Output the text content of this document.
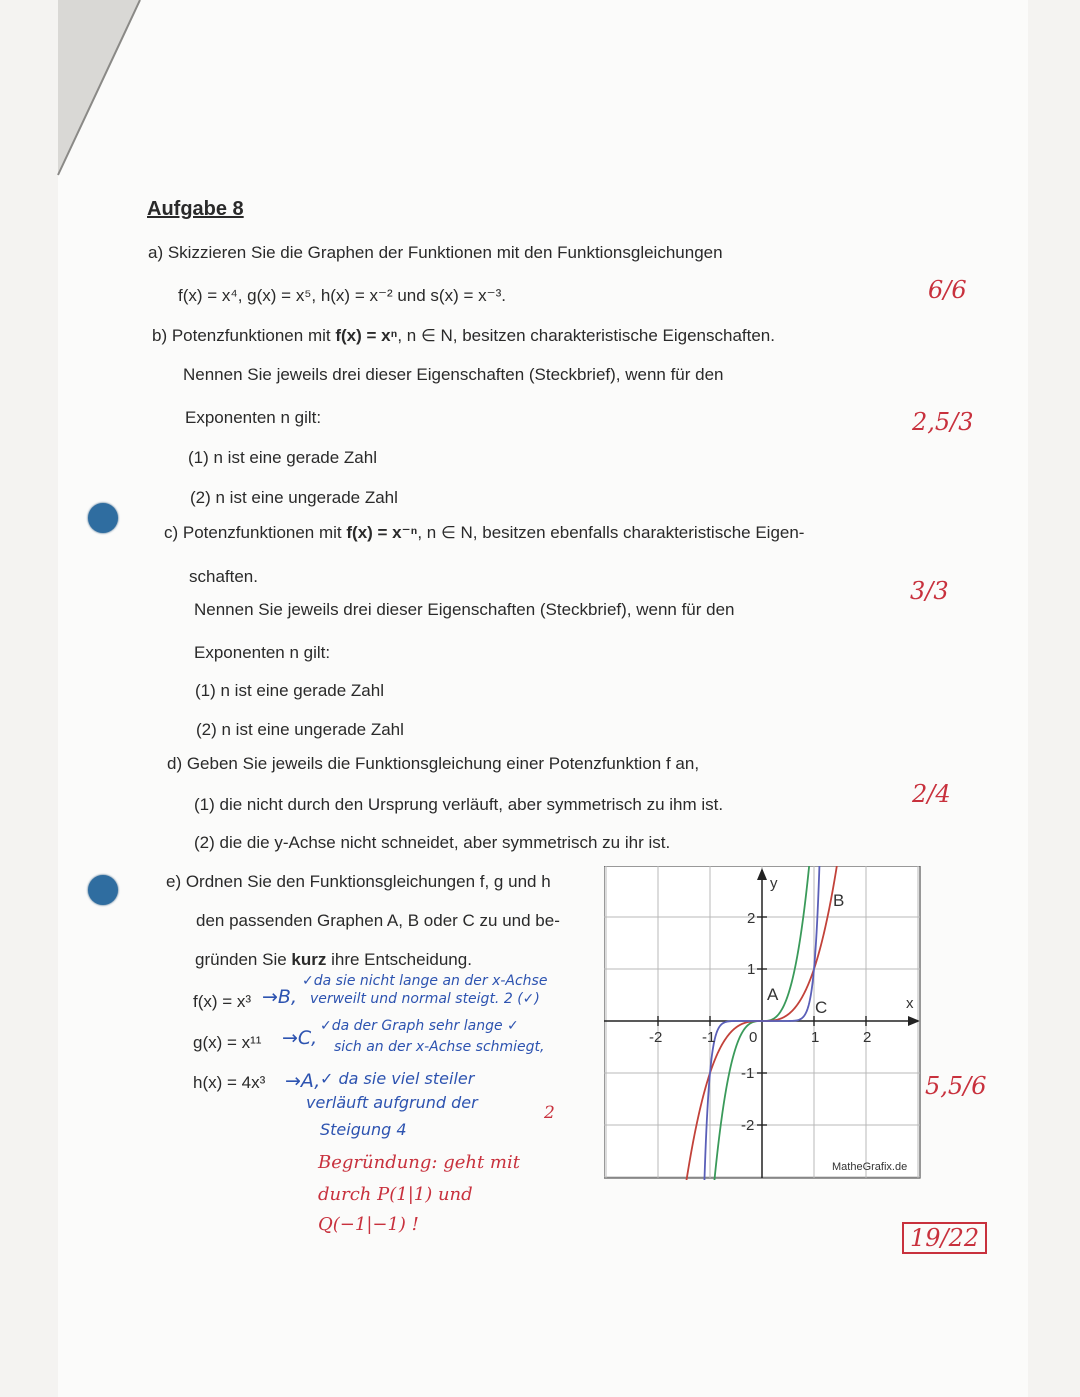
Aufgabe 8
a) Skizzieren Sie die Graphen der Funktionen mit den Funktionsgleichungen
f(x) = x⁴, g(x) = x⁵, h(x) = x⁻² und s(x) = x⁻³.
b) Potenzfunktionen mit f(x) = xⁿ, n ∈ N, besitzen charakteristische Eigenschaften.
Nennen Sie jeweils drei dieser Eigenschaften (Steckbrief), wenn für den
Exponenten n gilt:
(1) n ist eine gerade Zahl
(2) n ist eine ungerade Zahl
c) Potenzfunktionen mit f(x) = x⁻ⁿ, n ∈ N, besitzen ebenfalls charakteristische Eigen-
schaften.
Nennen Sie jeweils drei dieser Eigenschaften (Steckbrief), wenn für den
Exponenten n gilt:
(1) n ist eine gerade Zahl
(2) n ist eine ungerade Zahl
d) Geben Sie jeweils die Funktionsgleichung einer Potenzfunktion f an,
(1) die nicht durch den Ursprung verläuft, aber symmetrisch zu ihm ist.
(2) die die y-Achse nicht schneidet, aber symmetrisch zu ihr ist.
e) Ordnen Sie den Funktionsgleichungen f, g und h
den passenden Graphen A, B oder C zu und be-
gründen Sie kurz ihre Entscheidung.
f(x) = x³
g(x) = x¹¹
h(x) = 4x³
→B,
✓da sie nicht lange an der x-Achse
verweilt und normal steigt. 2 (✓)
→C,
✓da der Graph sehr lange ✓
sich an der x-Achse schmiegt,
→A, ✓ da sie viel steiler
verläuft aufgrund der
Steigung 4
2
Begründung: geht mit
durch P(1|1) und
Q(−1|−1) !
6/6
2,5/3
3/3
2/4
5,5/6
19/22
y
x
A
B
C
-2	-1 0	1	2
2
1
-1
-2
MatheGrafix.de
